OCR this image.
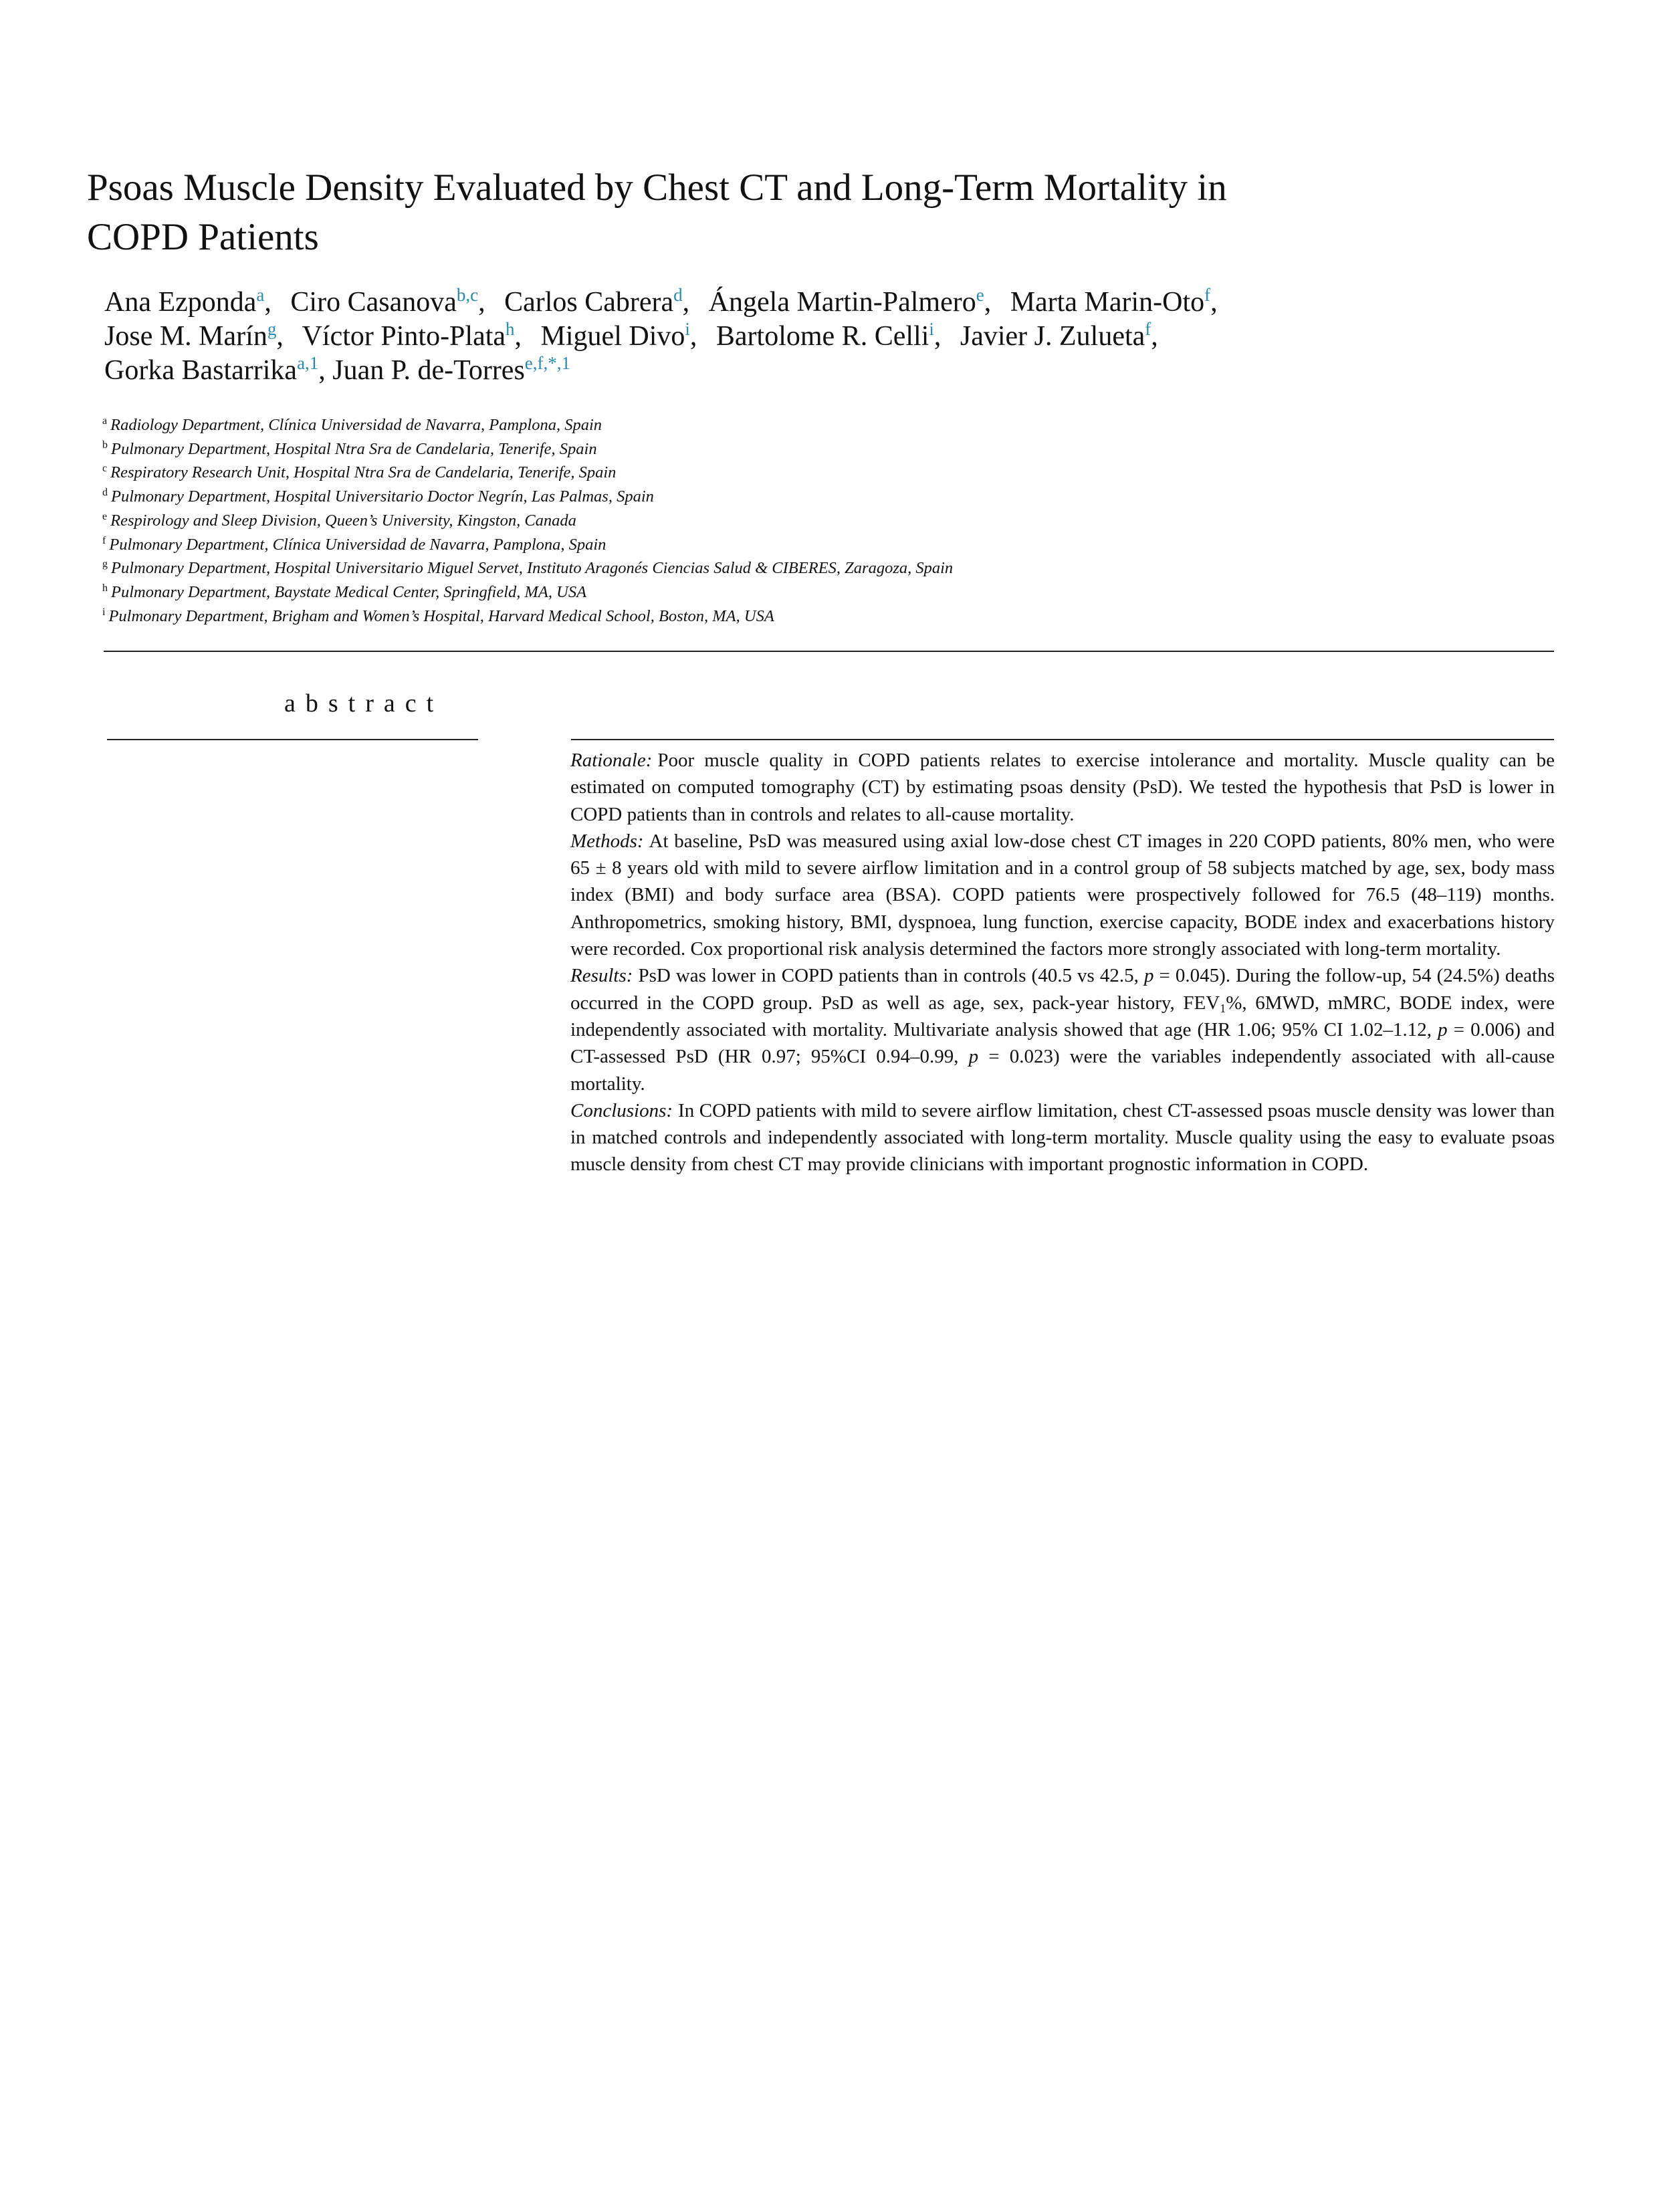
Psoas Muscle Density Evaluated by Chest CT and Long-Term Mortality in
COPD Patients
Ana Ezponda$^a$, Ciro Casanova$^{b,c}$, Carlos Cabrera$^d$, Ángela Martin-Palmero$^e$, Marta Marin-Oto$^f$,
Jose M. Marín$^g$, Víctor Pinto-Plata$^h$, Miguel Divo$^i$, Bartolome R. Celli$^i$, Javier J. Zulueta$^f$,
Gorka Bastarrika$^{a,1}$, Juan P. de-Torres$^{e,f,*,1}$
$^a$ Radiology Department, Clínica Universidad de Navarra, Pamplona, Spain
$^b$ Pulmonary Department, Hospital Ntra Sra de Candelaria, Tenerife, Spain
$^c$ Respiratory Research Unit, Hospital Ntra Sra de Candelaria, Tenerife, Spain
$^d$ Pulmonary Department, Hospital Universitario Doctor Negrín, Las Palmas, Spain
$^e$ Respirology and Sleep Division, Queen’s University, Kingston, Canada
$^f$ Pulmonary Department, Clínica Universidad de Navarra, Pamplona, Spain
$^g$ Pulmonary Department, Hospital Universitario Miguel Servet, Instituto Aragonés Ciencias Salud & CIBERES, Zaragoza, Spain
$^h$ Pulmonary Department, Baystate Medical Center, Springfield, MA, USA
$^i$ Pulmonary Department, Brigham and Women’s Hospital, Harvard Medical School, Boston, MA, USA
abstract

Rationale: Poor muscle quality in COPD patients relates to exercise intolerance and mortality. Muscle quality can be estimated on computed tomography (CT) by estimating psoas density (PsD). We tested the hypothesis that PsD is lower in COPD patients than in controls and relates to all-cause mortality.

Methods: At baseline, PsD was measured using axial low-dose chest CT images in 220 COPD patients, 80% men, who were 65 ± 8 years old with mild to severe airflow limitation and in a control group of 58 subjects matched by age, sex, body mass index (BMI) and body surface area (BSA). COPD patients were prospectively followed for 76.5 (48–119) months. Anthropometrics, smoking history, BMI, dyspnoea, lung function, exercise capacity, BODE index and exacerbations history were recorded. Cox proportional risk analysis determined the factors more strongly associated with long-term mortality.

Results: PsD was lower in COPD patients than in controls (40.5 vs 42.5, p = 0.045). During the follow-up, 54 (24.5%) deaths occurred in the COPD group. PsD as well as age, sex, pack-year history, $FEV_1\%$, 6MWD, mMRC, BODE index, were independently associated with mortality. Multivariate analysis showed that age (HR 1.06; 95% CI 1.02–1.12, p = 0.006) and CT-assessed PsD (HR 0.97; 95%CI 0.94–0.99, p = 0.023) were the variables independently associated with all-cause mortality.

Conclusions: In COPD patients with mild to severe airflow limitation, chest CT-assessed psoas muscle density was lower than in matched controls and independently associated with long-term mortality. Muscle quality using the easy to evaluate psoas muscle density from chest CT may provide clinicians with important prognostic information in COPD.
